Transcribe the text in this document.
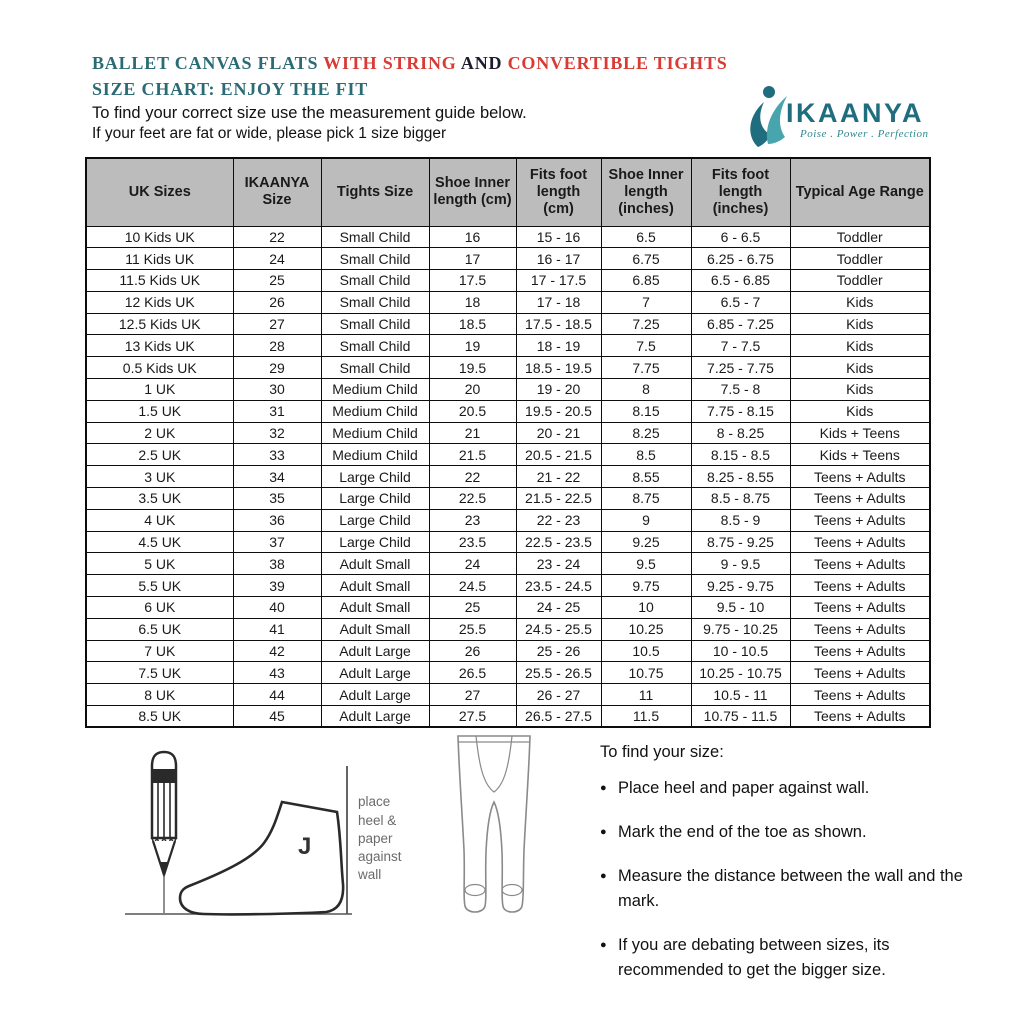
BALLET CANVAS FLATS WITH STRING AND CONVERTIBLE TIGHTS SIZE CHART: ENJOY THE FIT
To find your correct size use the measurement guide below.
If your feet are fat or wide, please pick 1 size bigger
IKAANYA
Poise . Power . Perfection
UK Sizes	IKAANYA Size	Tights Size	Shoe Inner length (cm)	Fits foot length (cm)	Shoe Inner length (inches)	Fits foot length (inches)	Typical Age Range
10 Kids UK	22	Small Child	16	15 - 16	6.5	6 - 6.5	Toddler
11 Kids UK	24	Small Child	17	16 - 17	6.75	6.25 - 6.75	Toddler
11.5 Kids UK	25	Small Child	17.5	17 - 17.5	6.85	6.5 - 6.85	Toddler
12 Kids UK	26	Small Child	18	17 - 18	7	6.5 - 7	Kids
12.5 Kids UK	27	Small Child	18.5	17.5 - 18.5	7.25	6.85 - 7.25	Kids
13 Kids UK	28	Small Child	19	18 - 19	7.5	7 - 7.5	Kids
0.5 Kids UK	29	Small Child	19.5	18.5 - 19.5	7.75	7.25 - 7.75	Kids
1 UK	30	Medium Child	20	19 - 20	8	7.5 - 8	Kids
1.5 UK	31	Medium Child	20.5	19.5 - 20.5	8.15	7.75 - 8.15	Kids
2 UK	32	Medium Child	21	20 - 21	8.25	8 - 8.25	Kids + Teens
2.5 UK	33	Medium Child	21.5	20.5 - 21.5	8.5	8.15 - 8.5	Kids + Teens
3 UK	34	Large Child	22	21 - 22	8.55	8.25 - 8.55	Teens + Adults
3.5 UK	35	Large Child	22.5	21.5 - 22.5	8.75	8.5 - 8.75	Teens + Adults
4 UK	36	Large Child	23	22 - 23	9	8.5 - 9	Teens + Adults
4.5 UK	37	Large Child	23.5	22.5 - 23.5	9.25	8.75 - 9.25	Teens + Adults
5 UK	38	Adult Small	24	23 - 24	9.5	9 - 9.5	Teens + Adults
5.5 UK	39	Adult Small	24.5	23.5 - 24.5	9.75	9.25 - 9.75	Teens + Adults
6 UK	40	Adult Small	25	24 - 25	10	9.5 - 10	Teens + Adults
6.5 UK	41	Adult Small	25.5	24.5 - 25.5	10.25	9.75 - 10.25	Teens + Adults
7 UK	42	Adult Large	26	25 - 26	10.5	10 - 10.5	Teens + Adults
7.5 UK	43	Adult Large	26.5	25.5 - 26.5	10.75	10.25 - 10.75	Teens + Adults
8 UK	44	Adult Large	27	26 - 27	11	10.5 - 11	Teens + Adults
8.5 UK	45	Adult Large	27.5	26.5 - 27.5	11.5	10.75 - 11.5	Teens + Adults
J
place
heel &
paper
against
wall
To find your size:
● Place heel and paper against wall.
● Mark the end of the toe as shown.
● Measure the distance between the wall and the mark.
● If you are debating between sizes, its recommended to get the bigger size.
